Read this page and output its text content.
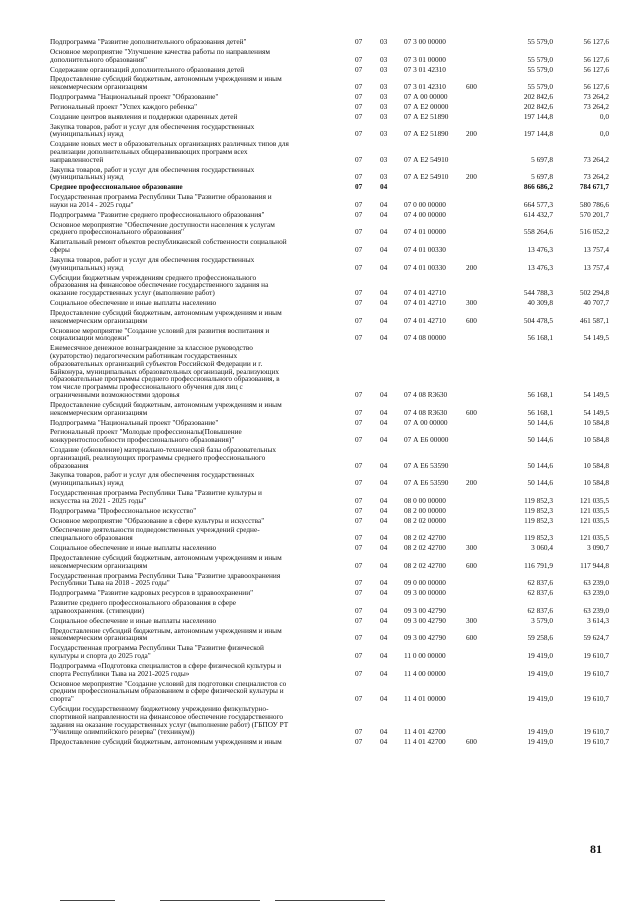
Подпрограмма "Развитие дополнительного образования детей"	07	03	07 3 00 00000	55 579,0	56 127,6
Основное мероприятие "Улучшение качества работы по направлениям
дополнительного образования"	07	03	07 3 01 00000	55 579,0	56 127,6
Содержание организаций дополнительного образования детей	07	03	07 3 01 42310	55 579,0	56 127,6
Предоставление субсидий бюджетным, автономным учреждениям и иным
некоммерческим организациям	07	03	07 3 01 42310	600	55 579,0	56 127,6
Подпрограмма "Национальный проект "Образование"	07	03	07 А 00 00000	202 842,6	73 264,2
Региональный проект "Успех каждого ребенка"	07	03	07 А Е2 00000	202 842,6	73 264,2
Создание центров выявления и поддержки одаренных детей	07	03	07 А Е2 51890	197 144,8	0,0
Закупка товаров, работ и услуг для обеспечения государственных
(муниципальных) нужд	07	03	07 А Е2 51890	200	197 144,8	0,0
Создание новых мест в образовательных организациях различных типов для
реализации дополнительных общеразвивающих программ всех
направленностей	07	03	07 А Е2 54910	5 697,8	73 264,2
Закупка товаров, работ и услуг для обеспечения государственных
(муниципальных) нужд	07	03	07 А Е2 54910	200	5 697,8	73 264,2
Среднее профессиональное образование	07	04	866 686,2	784 671,7
Государственная программа Республики Тыва "Развитие образования и
науки на 2014 - 2025 годы"	07	04	07 0 00 00000	664 577,3	580 786,6
Подпрограмма "Развитие среднего профессионального образования"	07	04	07 4 00 00000	614 432,7	570 201,7
Основное мероприятие "Обеспечение доступности населения к услугам
среднего профессионального образования"	07	04	07 4 01 00000	558 264,6	516 052,2
Капитальный ремонт объектов республиканской собственности социальной
сферы	07	04	07 4 01 00330	13 476,3	13 757,4
Закупка товаров, работ и услуг для обеспечения государственных
(муниципальных) нужд	07	04	07 4 01 00330	200	13 476,3	13 757,4
Субсидии бюджетным учреждениям среднего профессионального
образования на финансовое обеспечение государственного задания на
оказание государственных услуг (выполнение работ)	07	04	07 4 01 42710	544 788,3	502 294,8
Социальное обеспечение и иные выплаты населению	07	04	07 4 01 42710	300	40 309,8	40 707,7
Предоставление субсидий бюджетным, автономным учреждениям и иным
некоммерческим организациям	07	04	07 4 01 42710	600	504 478,5	461 587,1
Основное мероприятие "Создание условий для развития воспитания и
социализации молодежи"	07	04	07 4 08 00000	56 168,1	54 149,5
Ежемесячное денежное вознаграждение за классное руководство
(кураторство) педагогическим работникам государственных
образовательных организаций субъектов Российской Федерации и г.
Байконура, муниципальных образовательных организаций, реализующих
образовательные программы среднего профессионального образования, в
том числе программы профессионального обучения для лиц с
ограниченными возможностями здоровья	07	04	07 4 08 R3630	56 168,1	54 149,5
Предоставление субсидий бюджетным, автономным учреждениям и иным
некоммерческим организациям	07	04	07 4 08 R3630	600	56 168,1	54 149,5
Подпрограмма "Национальный проект "Образование"	07	04	07 А 00 00000	50 144,6	10 584,8
Региональный проект "Молодые профессионалы(Повышение
конкурентоспособности профессионального образования)"	07	04	07 А Е6 00000	50 144,6	10 584,8
Создание (обновление) материально-технической базы образовательных
организаций, реализующих программы среднего профессионального
образования	07	04	07 А Е6 53590	50 144,6	10 584,8
Закупка товаров, работ и услуг для обеспечения государственных
(муниципальных) нужд	07	04	07 А Е6 53590	200	50 144,6	10 584,8
Государственная программа Республики Тыва "Развитие культуры и
искусства на 2021 - 2025 годы"	07	04	08 0 00 00000	119 852,3	121 035,5
Подпрограмма "Профессиональное искусство"	07	04	08 2 00 00000	119 852,3	121 035,5
Основное мероприятие "Образование в сфере культуры и искусства"	07	04	08 2 02 00000	119 852,3	121 035,5
Обеспечение деятельности подведомственных учреждений средне-
специального образования	07	04	08 2 02 42700	119 852,3	121 035,5
Социальное обеспечение и иные выплаты населению	07	04	08 2 02 42700	300	3 060,4	3 090,7
Предоставление субсидий бюджетным, автономным учреждениям и иным
некоммерческим организациям	07	04	08 2 02 42700	600	116 791,9	117 944,8
Государственная программа Республики Тыва "Развитие здравоохранения
Республики Тыва на 2018 - 2025 годы"	07	04	09 0 00 00000	62 837,6	63 239,0
Подпрограмма "Развитие кадровых ресурсов в здравоохранении"	07	04	09 3 00 00000	62 837,6	63 239,0
Развитие среднего профессионального образования в сфере
здравоохранения. (стипендии)	07	04	09 3 00 42790	62 837,6	63 239,0
Социальное обеспечение и иные выплаты населению	07	04	09 3 00 42790	300	3 579,0	3 614,3
Предоставление субсидий бюджетным, автономным учреждениям и иным
некоммерческим организациям	07	04	09 3 00 42790	600	59 258,6	59 624,7
Государственная программа Республики Тыва "Развитие физической
культуры и спорта до 2025 года"	07	04	11 0 00 00000	19 419,0	19 610,7
Подпрограмма «Подготовка специалистов в сфере физической культуры и
спорта Республики Тыва на 2021-2025 годы»	07	04	11 4 00 00000	19 419,0	19 610,7
Основное мероприятие "Создание условий для подготовки специалистов со
средним профессиональным образованием в сфере физической культуры и
спорта"	07	04	11 4 01 00000	19 419,0	19 610,7
Субсидии государственному бюджетному учреждению физкультурно-
спортивной направленности на финансовое обеспечение государственного
задания на оказание государственных услуг (выполнение работ) (ГБПОУ РТ
"Училище олимпийского резерва" (техникум))	07	04	11 4 01 42700	19 419,0	19 610,7
Предоставление субсидий бюджетным, автономным учреждениям и иным	07	04	11 4 01 42700	600	19 419,0	19 610,7
81
